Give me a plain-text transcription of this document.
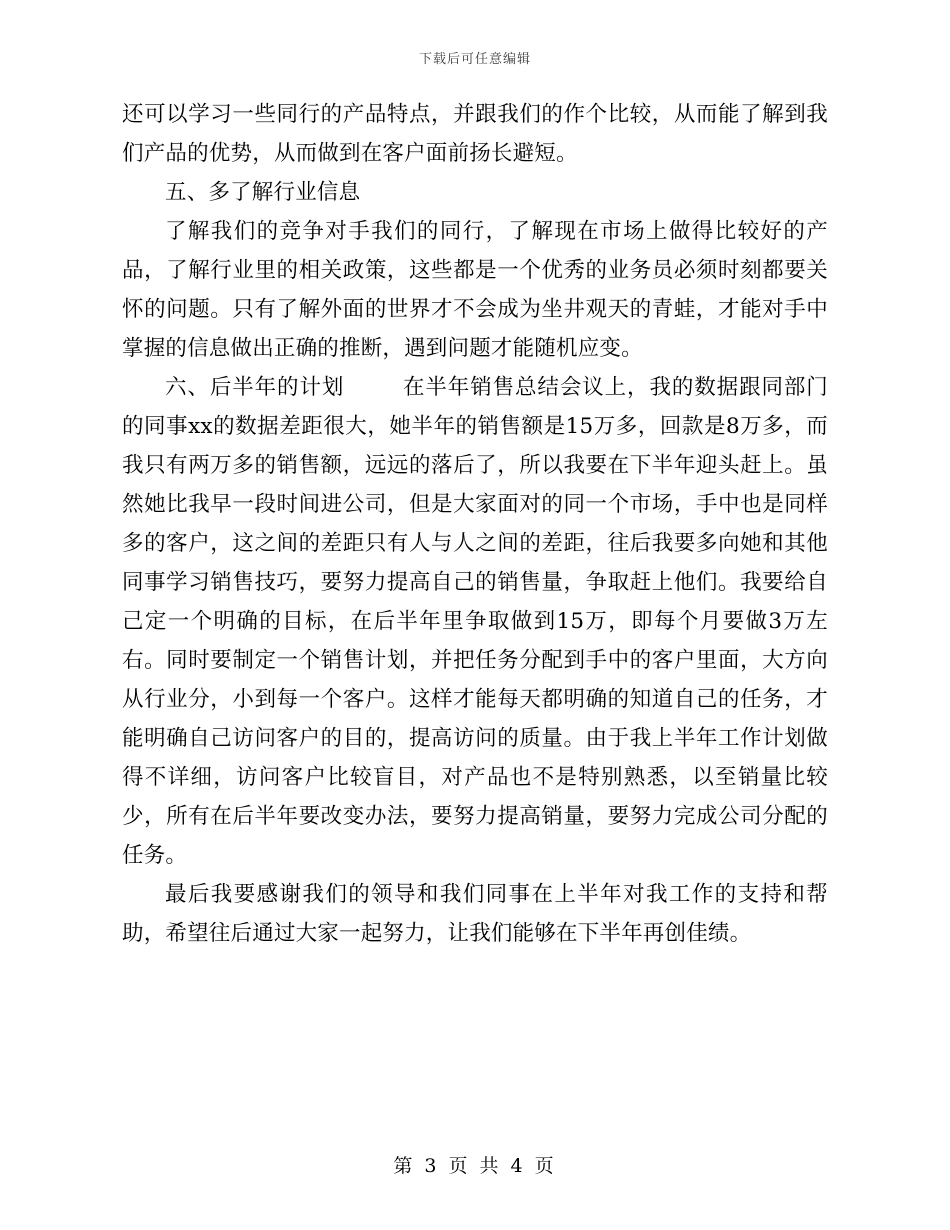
下载后可任意编辑

还可以学习一些同行的产品特点，并跟我们的作个比较，从而能了解到我们产品的优势，从而做到在客户面前扬长避短。

五、多了解行业信息

了解我们的竞争对手我们的同行，了解现在市场上做得比较好的产品，了解行业里的相关政策，这些都是一个优秀的业务员必须时刻都要关怀的问题。只有了解外面的世界才不会成为坐井观天的青蛙，才能对手中掌握的信息做出正确的推断，遇到问题才能随机应变。

六、后半年的计划	在半年销售总结会议上，我的数据跟同部门的同事xx的数据差距很大，她半年的销售额是15万多，回款是8万多，而我只有两万多的销售额，远远的落后了，所以我要在下半年迎头赶上。虽然她比我早一段时间进公司，但是大家面对的同一个市场，手中也是同样多的客户，这之间的差距只有人与人之间的差距，往后我要多向她和其他同事学习销售技巧，要努力提高自己的销售量，争取赶上他们。我要给自己定一个明确的目标，在后半年里争取做到15万，即每个月要做3万左右。同时要制定一个销售计划，并把任务分配到手中的客户里面，大方向从行业分，小到每一个客户。这样才能每天都明确的知道自己的任务，才能明确自己访问客户的目的，提高访问的质量。由于我上半年工作计划做得不详细，访问客户比较盲目，对产品也不是特别熟悉，以至销量比较少，所有在后半年要改变办法，要努力提高销量，要努力完成公司分配的任务。

最后我要感谢我们的领导和我们同事在上半年对我工作的支持和帮助，希望往后通过大家一起努力，让我们能够在下半年再创佳绩。

第 3 页 共 4 页
